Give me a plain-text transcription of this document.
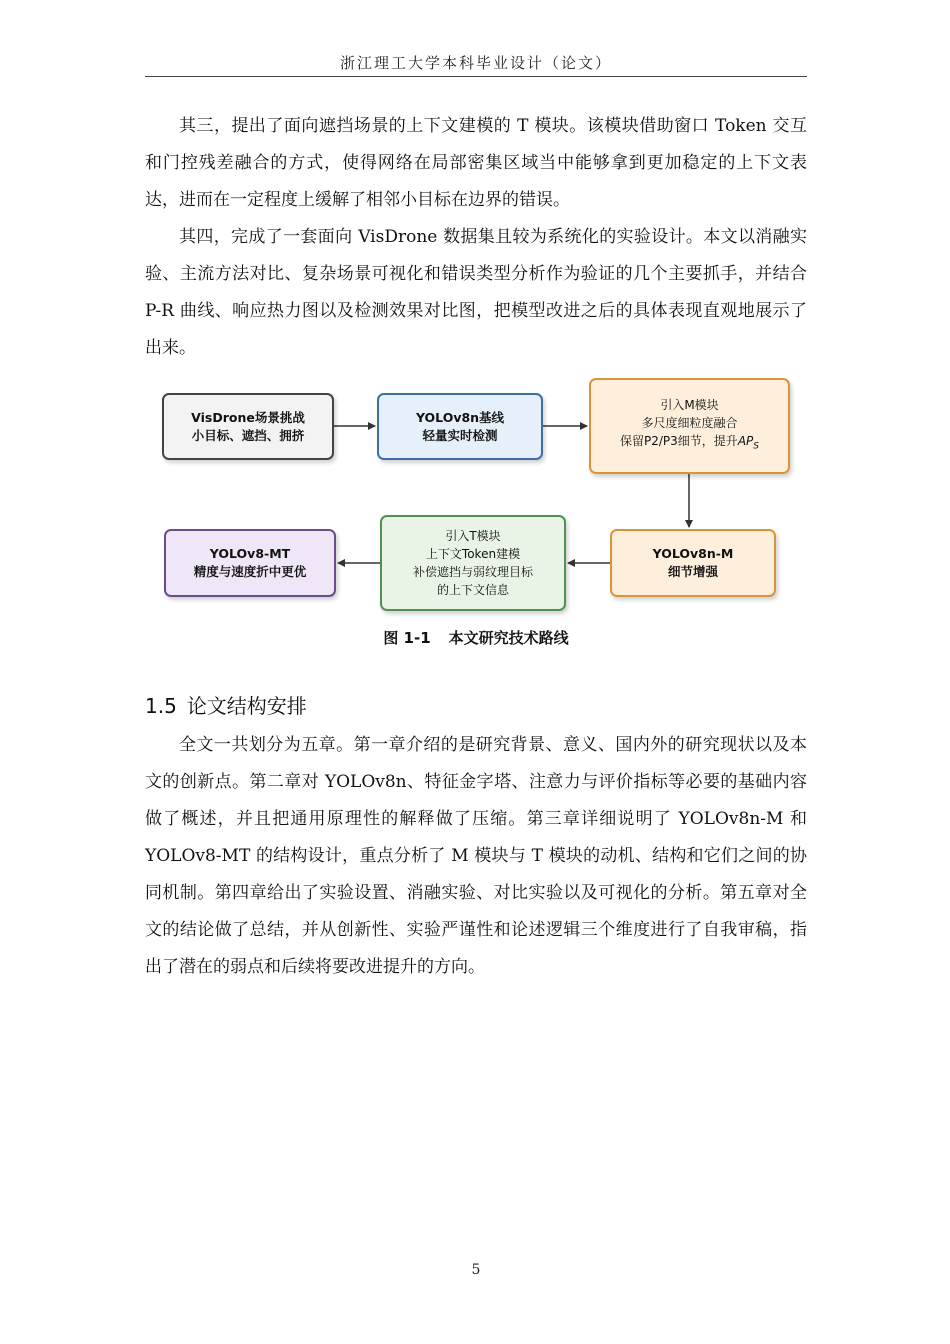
浙江理工大学本科毕业设计（论文）

其三，提出了面向遮挡场景的上下文建模的 T 模块。该模块借助窗口 Token 交互和门控残差融合的方式，使得网络在局部密集区域当中能够拿到更加稳定的上下文表达，进而在一定程度上缓解了相邻小目标在边界的错误。

其四，完成了一套面向 VisDrone 数据集且较为系统化的实验设计。本文以消融实验、主流方法对比、复杂场景可视化和错误类型分析作为验证的几个主要抓手，并结合 P-R 曲线、响应热力图以及检测效果对比图，把模型改进之后的具体表现直观地展示了出来。

VisDrone场景挑战
小目标、遮挡、拥挤
YOLOv8n基线
轻量实时检测
引入M模块
多尺度细粒度融合
保留P2/P3细节，提升$AP_S$
YOLOv8n-M
细节增强
引入T模块
上下文Token建模
补偿遮挡与弱纹理目标
的上下文信息
YOLOv8-MT
精度与速度折中更优
图 1-1 本文研究技术路线
1.5 论文结构安排

全文一共划分为五章。第一章介绍的是研究背景、意义、国内外的研究现状以及本文的创新点。第二章对 YOLOv8n、特征金字塔、注意力与评价指标等必要的基础内容做了概述，并且把通用原理性的解释做了压缩。第三章详细说明了 YOLOv8n-M 和 YOLOv8-MT 的结构设计，重点分析了 M 模块与 T 模块的动机、结构和它们之间的协同机制。第四章给出了实验设置、消融实验、对比实验以及可视化的分析。第五章对全文的结论做了总结，并从创新性、实验严谨性和论述逻辑三个维度进行了自我审稿，指出了潜在的弱点和后续将要改进提升的方向。

5
